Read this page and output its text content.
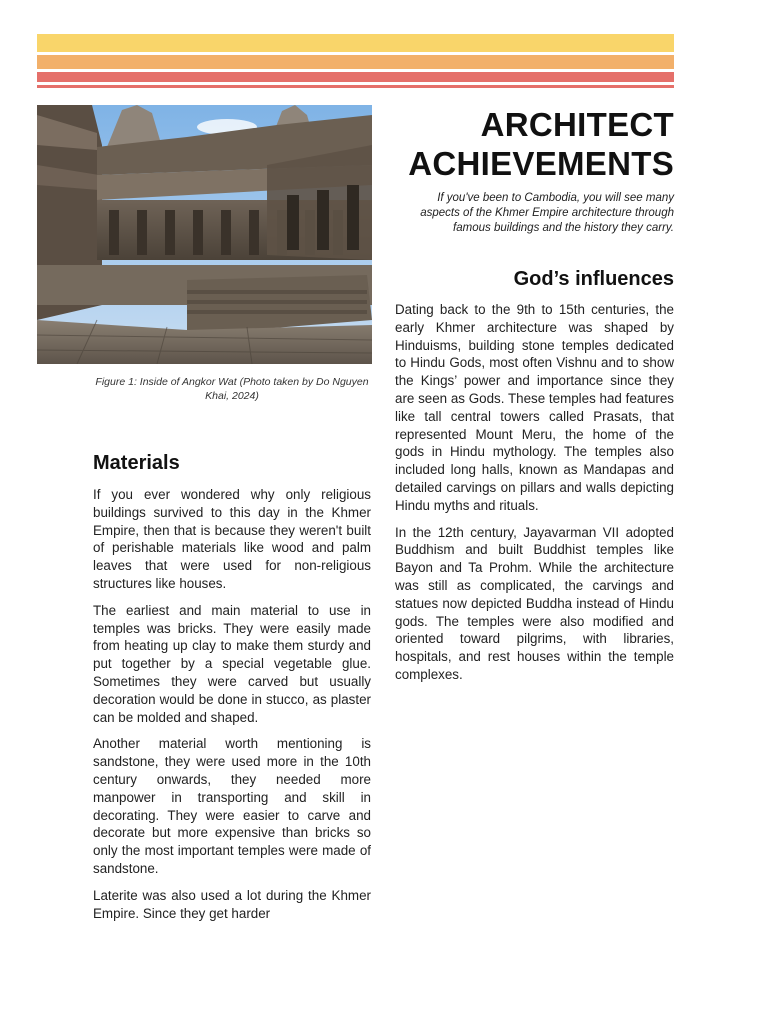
Figure 1: Inside of Angkor Wat (Photo taken by Do Nguyen Khai, 2024)
Materials

If you ever wondered why only religious buildings survived to this day in the Khmer Empire, then that is because they weren't built of perishable materials like wood and palm leaves that were used for non-religious structures like houses.

The earliest and main material to use in temples was bricks. They were easily made from heating up clay to make them sturdy and put together by a special vegetable glue. Sometimes they were carved but usually decoration would be done in stucco, as plaster can be molded and shaped.

Another material worth mentioning is sandstone, they were used more in the 10th century onwards, they needed more manpower in transporting and skill in decorating. They were easier to carve and decorate but more expensive than bricks so only the most important temples were made of sandstone.

Laterite was also used a lot during the Khmer Empire. Since they get harder

ARCHITECT ACHIEVEMENTS
If you've been to Cambodia, you will see many aspects of the Khmer Empire architecture through famous buildings and the history they carry.
God’s influences

Dating back to the 9th to 15th centuries, the early Khmer architecture was shaped by Hinduisms, building stone temples dedicated to Hindu Gods, most often Vishnu and to show the Kings’ power and importance since they are seen as Gods. These temples had features like tall central towers called Prasats, that represented Mount Meru, the home of the gods in Hindu mythology. The temples also included long halls, known as Mandapas and detailed carvings on pillars and walls depicting Hindu myths and rituals.

In the 12th century, Jayavarman VII adopted Buddhism and built Buddhist temples like Bayon and Ta Prohm. While the architecture was still as complicated, the carvings and statues now depicted Buddha instead of Hindu gods. The temples were also modified and oriented toward pilgrims, with libraries, hospitals, and rest houses within the temple complexes.
